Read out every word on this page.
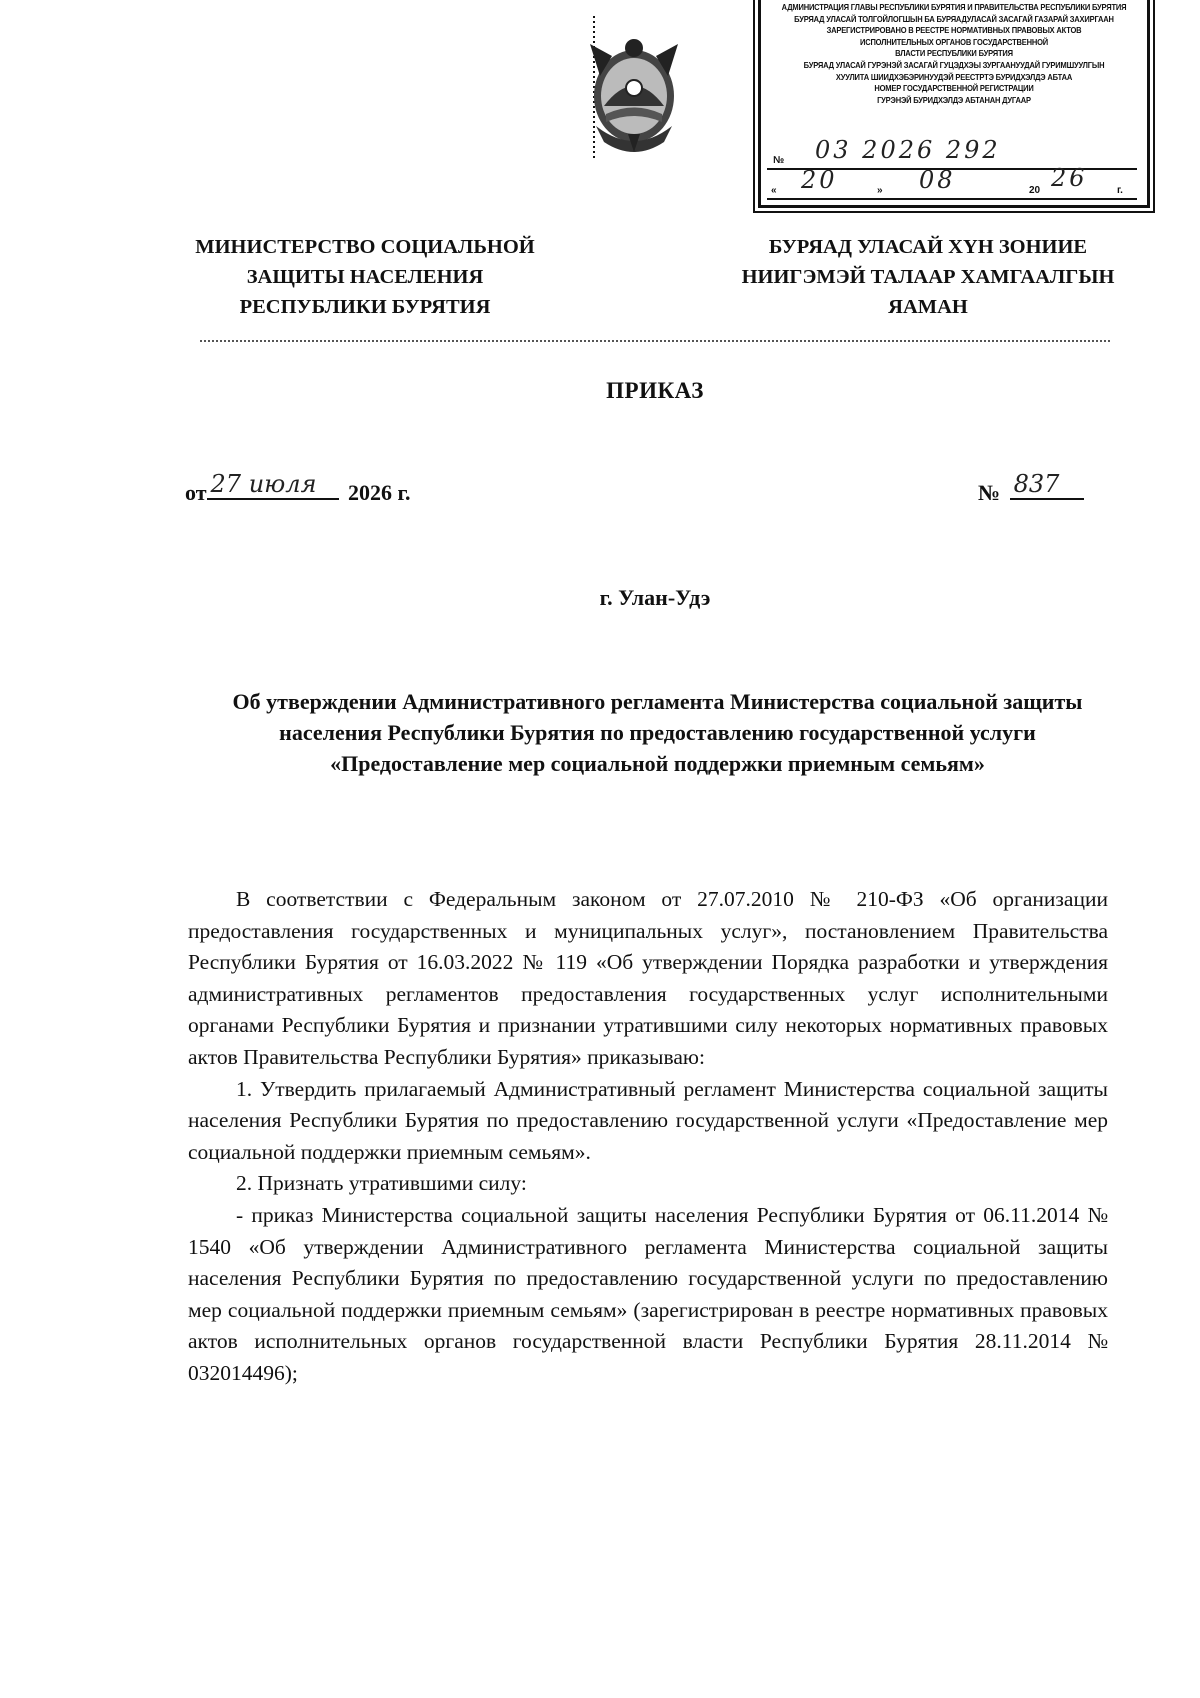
АДМИНИСТРАЦИЯ ГЛАВЫ РЕСПУБЛИКИ БУРЯТИЯ И ПРАВИТЕЛЬСТВА РЕСПУБЛИКИ БУРЯТИЯ
БУРЯАД УЛАСАЙ ТОЛГОЙЛОГШЫН БА БУРЯАДУЛАСАЙ ЗАСАГАЙ ГАЗАРАЙ ЗАХИРГААН
ЗАРЕГИСТРИРОВАНО В РЕЕСТРЕ НОРМАТИВНЫХ ПРАВОВЫХ АКТОВ
ИСПОЛНИТЕЛЬНЫХ ОРГАНОВ ГОСУДАРСТВЕННОЙ
ВЛАСТИ РЕСПУБЛИКИ БУРЯТИЯ
БУРЯАД УЛАСАЙ ГУРЭНЭЙ ЗАСАГАЙ ГУЦЭДХЭЫ ЗУРГААНУУДАЙ ГУРИМШУУЛГЫН
ХУУЛИТА ШИИДХЭБЭРИНУУДЭЙ РЕЕСТРТЭ БУРИДХЭЛДЭ АБТАА
НОМЕР ГОСУДАРСТВЕННОЙ РЕГИСТРАЦИИ
ГУРЭНЭЙ БУРИДХЭЛДЭ АБТАНАН ДУГААР
№ 03 2026 292
« 20	» 08	20 26	г.
МИНИСТЕРСТВО СОЦИАЛЬНОЙ
ЗАЩИТЫ НАСЕЛЕНИЯ
РЕСПУБЛИКИ БУРЯТИЯ
БУРЯАД УЛАСАЙ ХYН ЗОНИИЕ
НИИГЭМЭЙ ТАЛААР ХАМГААЛГЫН
ЯАМАН
ПРИКАЗ
от 27 июля 2026 г.	№ 837
г. Улан-Удэ
Об утверждении Административного регламента Министерства социальной защиты населения Республики Бурятия по предоставлению государственной услуги «Предоставление мер социальной поддержки приемным семьям»

В соответствии с Федеральным законом от 27.07.2010 № 210-ФЗ «Об организации предоставления государственных и муниципальных услуг», постановлением Правительства Республики Бурятия от 16.03.2022 № 119 «Об утверждении Порядка разработки и утверждения административных регламентов предоставления государственных услуг исполнительными органами Республики Бурятия и признании утратившими силу некоторых нормативных правовых актов Правительства Республики Бурятия» приказываю:

1. Утвердить прилагаемый Административный регламент Министерства социальной защиты населения Республики Бурятия по предоставлению государственной услуги «Предоставление мер социальной поддержки приемным семьям».

2. Признать утратившими силу:

- приказ Министерства социальной защиты населения Республики Бурятия от 06.11.2014 № 1540 «Об утверждении Административного регламента Министерства социальной защиты населения Республики Бурятия по предоставлению государственной услуги по предоставлению мер социальной поддержки приемным семьям» (зарегистрирован в реестре нормативных правовых актов исполнительных органов государственной власти Республики Бурятия 28.11.2014 № 032014496);
